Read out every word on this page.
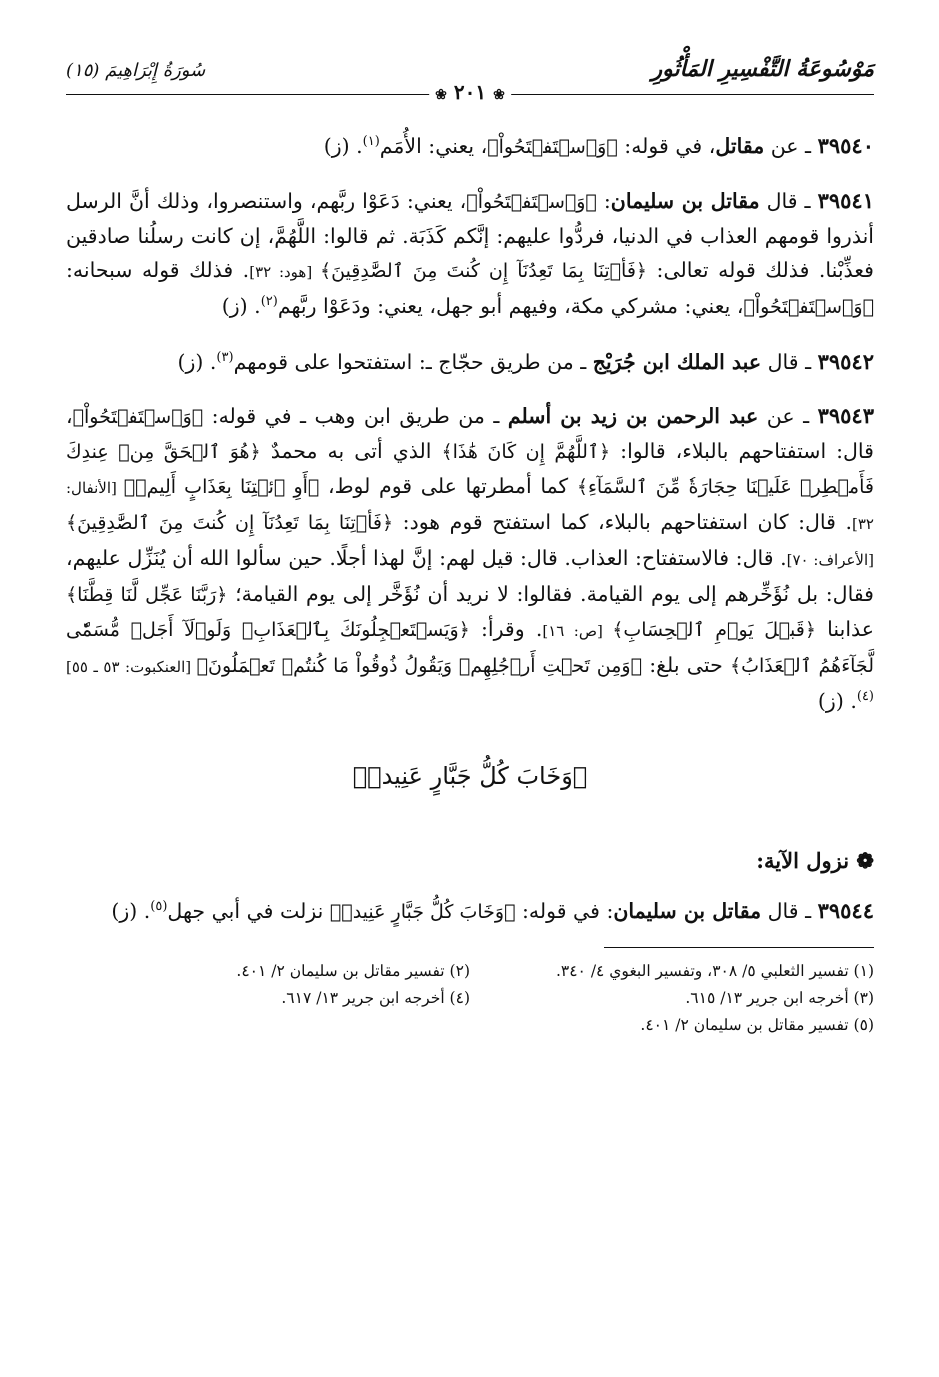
مَوْسُوعَةُ التَّفْسِيرِ المَأْثُورِ
❀ ٢٠١ ❀
سُورَةُ إِبْرَاهِيمَ (١٥)

٣٩٥٤٠ ـ عن مقاتل، في قوله: ﴿وَٱسۡتَفۡتَحُواْ﴾، يعني: الأُمَم$^{(١)}$. (ز)

٣٩٥٤١ ـ قال مقاتل بن سليمان: ﴿وَٱسۡتَفۡتَحُواْ﴾، يعني: دَعَوْا ربَّهم، واستنصروا، وذلك أنَّ الرسل أنذروا قومهم العذاب في الدنيا، فردُّوا عليهم: إنَّكم كَذَبَة. ثم قالوا: اللَّهُمَّ، إن كانت رسلُنا صادقين فعذِّبْنا. فذلك قوله تعالى: ﴿فَأۡتِنَا بِمَا تَعِدُنَآ إِن كُنتَ مِنَ ٱلصَّٰدِقِينَ﴾ [هود: ٣٢]. فذلك قوله سبحانه: ﴿وَٱسۡتَفۡتَحُواْ﴾، يعني: مشركي مكة، وفيهم أبو جهل، يعني: ودَعَوْا ربَّهم$^{(٢)}$. (ز)

٣٩٥٤٢ ـ قال عبد الملك ابن جُرَيْج ـ من طريق حجّاج ـ: استفتحوا على قومهم$^{(٣)}$. (ز)

٣٩٥٤٣ ـ عن عبد الرحمن بن زيد بن أسلم ـ من طريق ابن وهب ـ في قوله: ﴿وَٱسۡتَفۡتَحُواْ﴾، قال: استفتاحهم بالبلاء، قالوا: ﴿ٱللَّهُمَّ إِن كَانَ هَٰذَا﴾ الذي أتى به محمدٌ ﴿هُوَ ٱلۡحَقَّ مِنۡ عِندِكَ فَأَمۡطِرۡ عَلَيۡنَا حِجَارَةٗ مِّنَ ٱلسَّمَآءِ﴾ كما أمطرتها على قوم لوط، ﴿أَوِ ٱئۡتِنَا بِعَذَابٍ أَلِيمٖ﴾ [الأنفال: ٣٢]. قال: كان استفتاحهم بالبلاء، كما استفتح قوم هود: ﴿فَأۡتِنَا بِمَا تَعِدُنَآ إِن كُنتَ مِنَ ٱلصَّٰدِقِينَ﴾ [الأعراف: ٧٠]. قال: فالاستفتاح: العذاب. قال: قيل لهم: إنَّ لهذا أجلًا. حين سألوا الله أن يُنَزِّل عليهم، فقال: بل نُؤَخِّرهم إلى يوم القيامة. فقالوا: لا نريد أن نُؤَخَّر إلى يوم القيامة؛ ﴿رَبَّنَا عَجِّل لَّنَا قِطَّنَا﴾ عذابنا ﴿قَبۡلَ يَوۡمِ ٱلۡحِسَابِ﴾ [ص: ١٦]. وقرأ: ﴿وَيَسۡتَعۡجِلُونَكَ بِٱلۡعَذَابِۚ وَلَوۡلَآ أَجَلٞ مُّسَمّٗى لَّجَآءَهُمُ ٱلۡعَذَابُ﴾ حتى بلغ: ﴿وَمِن تَحۡتِ أَرۡجُلِهِمۡ وَيَقُولُ ذُوقُواْ مَا كُنتُمۡ تَعۡمَلُونَ﴾ [العنكبوت: ٥٣ ـ ٥٥]$^{(٤)}$. (ز)

﴿وَخَابَ كُلُّ جَبَّارٍ عَنِيدٖ﴾
❁ نزول الآية:

٣٩٥٤٤ ـ قال مقاتل بن سليمان: في قوله: ﴿وَخَابَ كُلُّ جَبَّارٍ عَنِيدٖ﴾ نزلت في أبي جهل$^{(٥)}$. (ز)

(١) تفسير الثعلبي ٥/ ٣٠٨، وتفسير البغوي ٤/ ٣٤٠.
(٢) تفسير مقاتل بن سليمان ٢/ ٤٠١.
(٣) أخرجه ابن جرير ١٣/ ٦١٥.
(٤) أخرجه ابن جرير ١٣/ ٦١٧.
(٥) تفسير مقاتل بن سليمان ٢/ ٤٠١.
